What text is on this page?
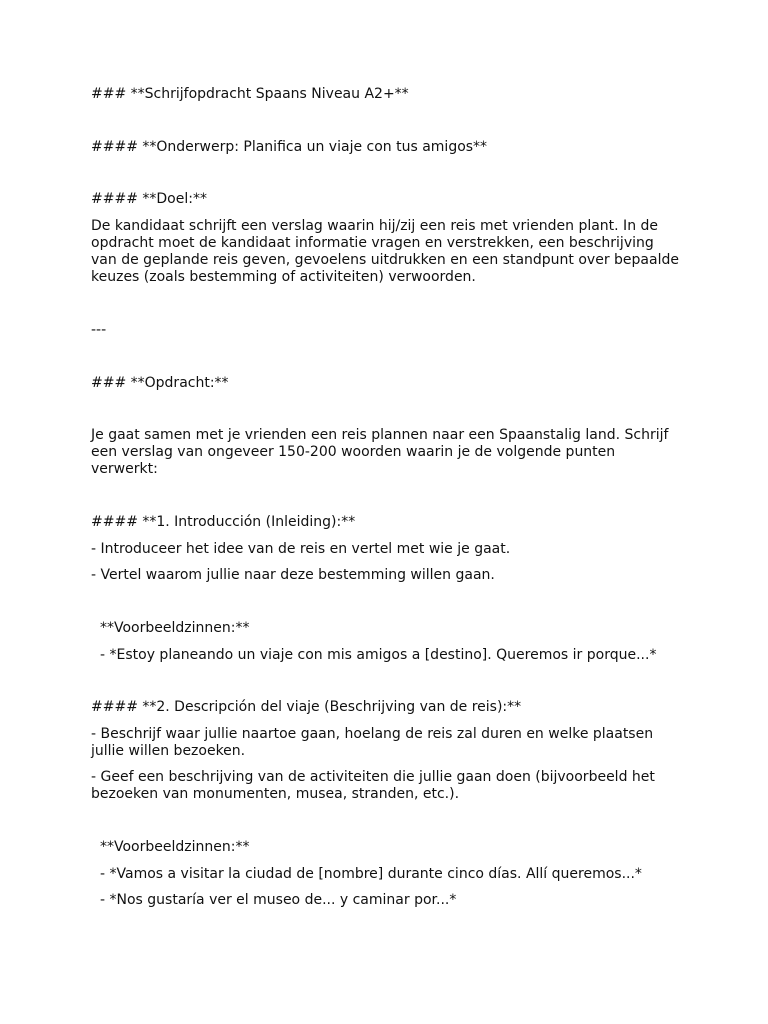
### **Schrijfopdracht Spaans Niveau A2+**

#### **Onderwerp: Planifica un viaje con tus amigos**

#### **Doel:**

De kandidaat schrijft een verslag waarin hij/zij een reis met vrienden plant. In de opdracht moet de kandidaat informatie vragen en verstrekken, een beschrijving van de geplande reis geven, gevoelens uitdrukken en een standpunt over bepaalde keuzes (zoals bestemming of activiteiten) verwoorden.

---

### **Opdracht:**

Je gaat samen met je vrienden een reis plannen naar een Spaanstalig land. Schrijf een verslag van ongeveer 150-200 woorden waarin je de volgende punten verwerkt:

#### **1. Introducción (Inleiding):**

- Introduceer het idee van de reis en vertel met wie je gaat.

- Vertel waarom jullie naar deze bestemming willen gaan.

**Voorbeeldzinnen:**

- *Estoy planeando un viaje con mis amigos a [destino]. Queremos ir porque...*

#### **2. Descripción del viaje (Beschrijving van de reis):**

- Beschrijf waar jullie naartoe gaan, hoelang de reis zal duren en welke plaatsen jullie willen bezoeken.

- Geef een beschrijving van de activiteiten die jullie gaan doen (bijvoorbeeld het bezoeken van monumenten, musea, stranden, etc.).

**Voorbeeldzinnen:**

- *Vamos a visitar la ciudad de [nombre] durante cinco días. Allí queremos...*

- *Nos gustaría ver el museo de... y caminar por...*
